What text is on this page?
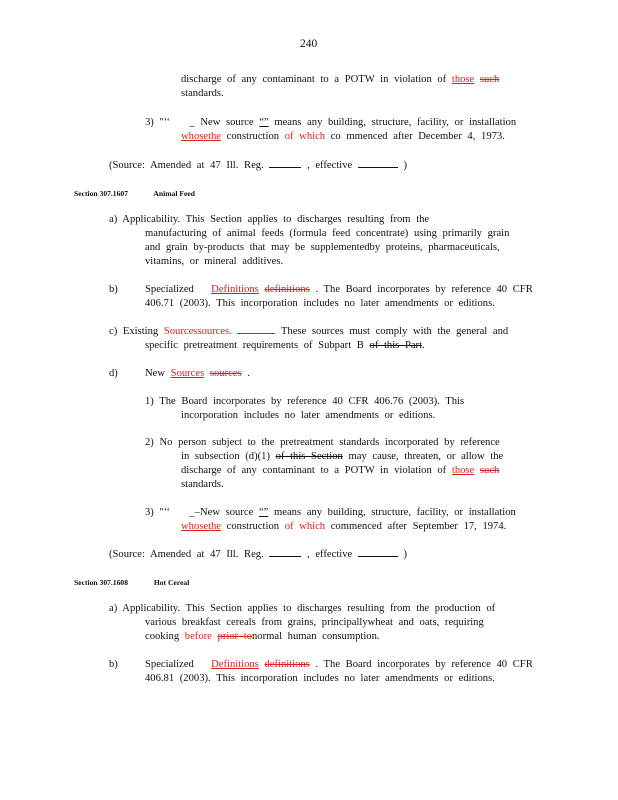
240
discharge of any contaminant to a POTW in violation of those such
standards.
3) "‘‘ _ New source “” means any building, structure, facility, or installation
whosethe construction of which co mmenced after December 4, 1973.
(Source: Amended at 47 Ill. Reg.	, effective	)
Section 307.1607	Animal Feed
a) Applicability. This Section applies to discharges resulting from the
manufacturing of animal feeds (formula feed concentrate) using primarily grain
and grain by-products that may be supplementedby proteins, pharmaceuticals,
vitamins, or mineral additives.
b)	Specialized Definitions definitions . The Board incorporates by reference 40 CFR
406.71 (2003). This incorporation includes no later amendments or editions.
c) Existing Sourcessources.	These sources must comply with the general and
specific pretreatment requirements of Subpart B of this Part.
d)	New Sources sources .
1) The Board incorporates by reference 40 CFR 406.76 (2003). This
incorporation includes no later amendments or editions.
2) No person subject to the pretreatment standards incorporated by reference
in subsection (d)(1) of this Section may cause, threaten, or allow the
discharge of any contaminant to a POTW in violation of those such
standards.
3) "‘‘ _–New source “” means any building, structure, facility, or installation
whosethe construction of which commenced after September 17, 1974.
(Source: Amended at 47 Ill. Reg.	, effective	)
Section 307.1608	Hot Cereal
a) Applicability. This Section applies to discharges resulting from the production of
various breakfast cereals from grains, principallywheat and oats, requiring
cooking before prior tonormal human consumption.
b)	Specialized Definitions definitions . The Board incorporates by reference 40 CFR
406.81 (2003). This incorporation includes no later amendments or editions.
